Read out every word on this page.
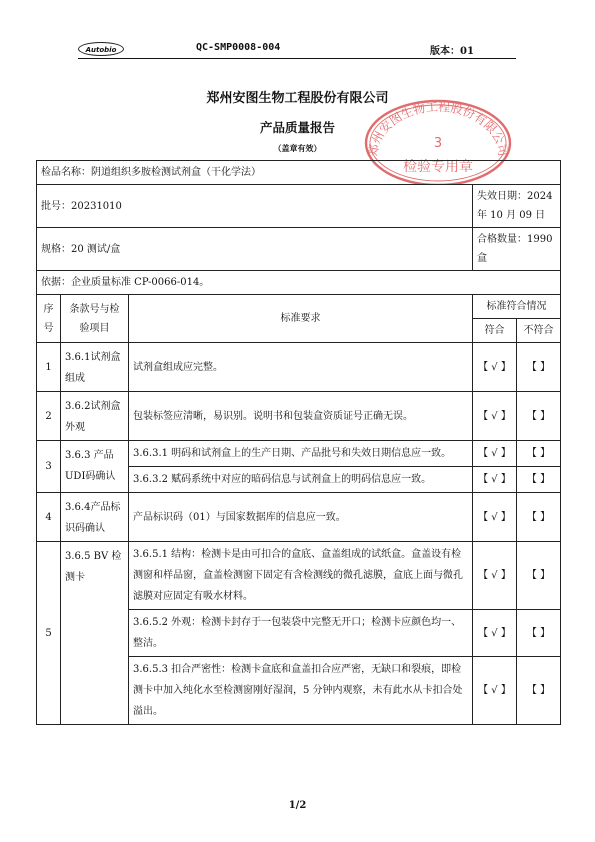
Autobio	QC-SMP0008-004	版本：01
郑州安图生物工程股份有限公司
产品质量报告
（盖章有效）	郑州安图生物工程股份有限公司
3
检验专用章
检品名称：阴道组织多胺检测试剂盒（干化学法）				
批号：20231010			失效日期：2024 年 10 月 09 日	
规格：20 测试/盒			合格数量：1990 盒	
依据：企业质量标准 CP-0066-014。				
序号	条款号与检验项目	标准要求	标准符合情况	
			符合	不符合
1	3.6.1试剂盒组成	试剂盒组成应完整。	【 √ 】	【 】
2	3.6.2试剂盒外观	包装标签应清晰，易识别。说明书和包装盒资质证号正确无误。	【 √ 】	【 】
3	3.6.3 产品UDI码确认	3.6.3.1 明码和试剂盒上的生产日期、产品批号和失效日期信息应一致。	【 √ 】	【 】
		3.6.3.2 赋码系统中对应的暗码信息与试剂盒上的明码信息应一致。	【 √ 】	【 】
4	3.6.4产品标识码确认	产品标识码（01）与国家数据库的信息应一致。	【 √ 】	【 】
5	3.6.5 BV 检测卡	3.6.5.1 结构：检测卡是由可扣合的盒底、盒盖组成的试纸盒。盒盖设有检测窗和样品窗，盒盖检测窗下固定有含检测线的微孔滤膜，盒底上面与微孔滤膜对应固定有吸水材料。	【 √ 】	【 】
		3.6.5.2 外观：检测卡封存于一包装袋中完整无开口；检测卡应颜色均一、整洁。	【 √ 】	【 】
		3.6.5.3 扣合严密性：检测卡盒底和盒盖扣合应严密，无缺口和裂痕，即检测卡中加入纯化水至检测窗刚好湿润，5 分钟内观察，未有此水从卡扣合处溢出。	【 √ 】	【 】
1/2
